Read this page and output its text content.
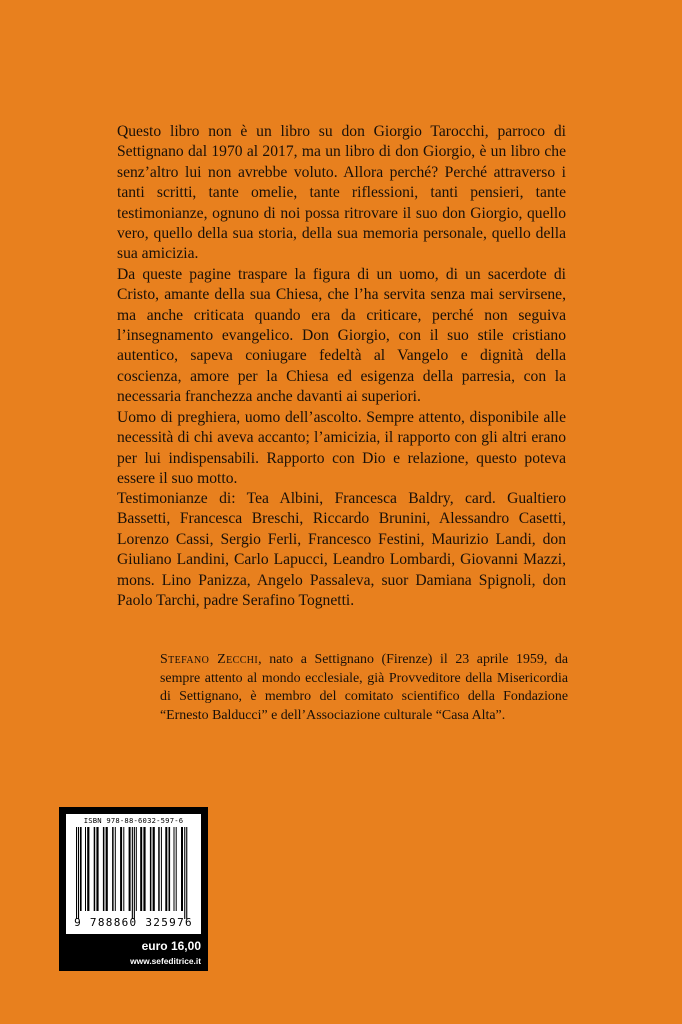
Questo libro non è un libro su don Giorgio Tarocchi, parroco di Settignano dal 1970 al 2017, ma un libro di don Giorgio, è un libro che senz’altro lui non avrebbe voluto. Allora perché? Perché attraverso i tanti scritti, tante omelie, tante riflessioni, tanti pensieri, tante testimonianze, ognuno di noi possa ritrovare il suo don Giorgio, quello vero, quello della sua storia, della sua memoria personale, quello della sua amicizia.

Da queste pagine traspare la figura di un uomo, di un sacerdote di Cristo, amante della sua Chiesa, che l’ha servita senza mai servirsene, ma anche criticata quando era da criticare, perché non seguiva l’insegnamento evangelico. Don Giorgio, con il suo stile cristiano autentico, sapeva coniugare fedeltà al Vangelo e dignità della coscienza, amore per la Chiesa ed esigenza della parresia, con la necessaria franchezza anche davanti ai superiori.

Uomo di preghiera, uomo dell’ascolto. Sempre attento, disponibile alle necessità di chi aveva accanto; l’amicizia, il rapporto con gli altri erano per lui indispensabili. Rapporto con Dio e relazione, questo poteva essere il suo motto.

Testimonianze di: Tea Albini, Francesca Baldry, card. Gualtiero Bassetti, Francesca Breschi, Riccardo Brunini, Alessandro Casetti, Lorenzo Cassi, Sergio Ferli, Francesco Festini, Maurizio Landi, don Giuliano Landini, Carlo Lapucci, Leandro Lombardi, Giovanni Mazzi, mons. Lino Panizza, Angelo Passaleva, suor Damiana Spignoli, don Paolo Tarchi, padre Serafino Tognetti.

Stefano Zecchi, nato a Settignano (Firenze) il 23 aprile 1959, da sempre attento al mondo ecclesiale, già Provveditore della Misericordia di Settignano, è membro del comitato scientifico della Fondazione “Ernesto Balducci” e dell’Associazione culturale “Casa Alta”.

ISBN 978-88-6032-597-6
9 788860 325976
euro 16,00
www.sefeditrice.it
